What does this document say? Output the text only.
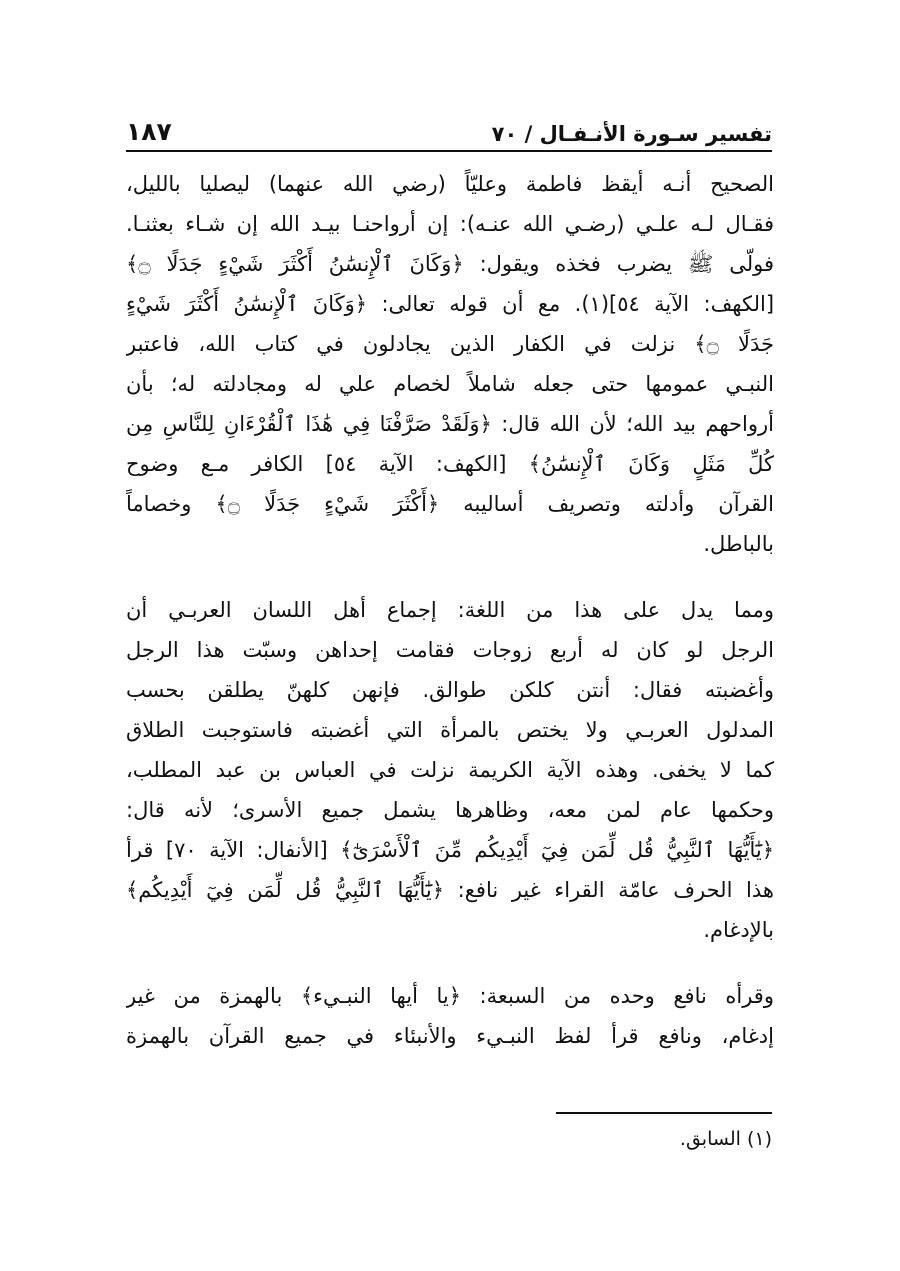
تفسير سـورة الأنـفـال / ٧٠
١٨٧
الصحيح أنـه أيقظ فاطمة وعليّاً (رضي الله عنهما) ليصليا بالليل،
فقـال لـه علـي (رضـي الله عنـه): إن أرواحنـا بيـد الله إن شـاء بعثنـا.
فولّى ﷺ يضرب فخذه ويقول: ﴿وَكَانَ ٱلْإِنسَٰنُ أَكْثَرَ شَيْءٍ جَدَلًا ۝﴾
[الكهف: الآية ٥٤](١). مع أن قوله تعالى: ﴿وَكَانَ ٱلْإِنسَٰنُ أَكْثَرَ شَيْءٍ
جَدَلًا ۝﴾ نزلت في الكفار الذين يجادلون في كتاب الله، فاعتبر
النبـي عمومها حتى جعله شاملاً لخصام علي له ومجادلته له؛ بأن
أرواحهم بيد الله؛ لأن الله قال: ﴿وَلَقَدْ صَرَّفْنَا فِي هَٰذَا ٱلْقُرْءَانِ لِلنَّاسِ مِن
كُلِّ مَثَلٍ وَكَانَ ٱلْإِنسَٰنُ﴾ [الكهف: الآية ٥٤] الكافر مـع وضوح
القرآن وأدلته وتصريف أساليبه ﴿أَكْثَرَ شَيْءٍ جَدَلًا ۝﴾ وخصاماً
بالباطل.
ومما يدل على هذا من اللغة: إجماع أهل اللسان العربـي أن
الرجل لو كان له أربع زوجات فقامت إحداهن وسبّت هذا الرجل
وأغضبته فقال: أنتن كلكن طوالق. فإنهن كلهنّ يطلقن بحسب
المدلول العربـي ولا يختص بالمرأة التي أغضبته فاستوجبت الطلاق
كما لا يخفى. وهذه الآية الكريمة نزلت في العباس بن عبد المطلب،
وحكمها عام لمن معه، وظاهرها يشمل جميع الأسرى؛ لأنه قال:
﴿يَٰٓأَيُّهَا ٱلنَّبِيُّ قُل لِّمَن فِيٓ أَيْدِيكُم مِّنَ ٱلْأَسْرَىٰٓ﴾ [الأنفال: الآية ٧٠] قرأ
هذا الحرف عامّة القراء غير نافع: ﴿يَٰٓأَيُّهَا ٱلنَّبِيُّ قُل لِّمَن فِيٓ أَيْدِيكُم﴾
بالإدغام.
وقرأه نافع وحده من السبعة: ﴿يا أيها النبـيء﴾ بالهمزة من غير
إدغام، ونافع قرأ لفظ النبـيء والأنبئاء في جميع القرآن بالهمزة
(١) السابق.
